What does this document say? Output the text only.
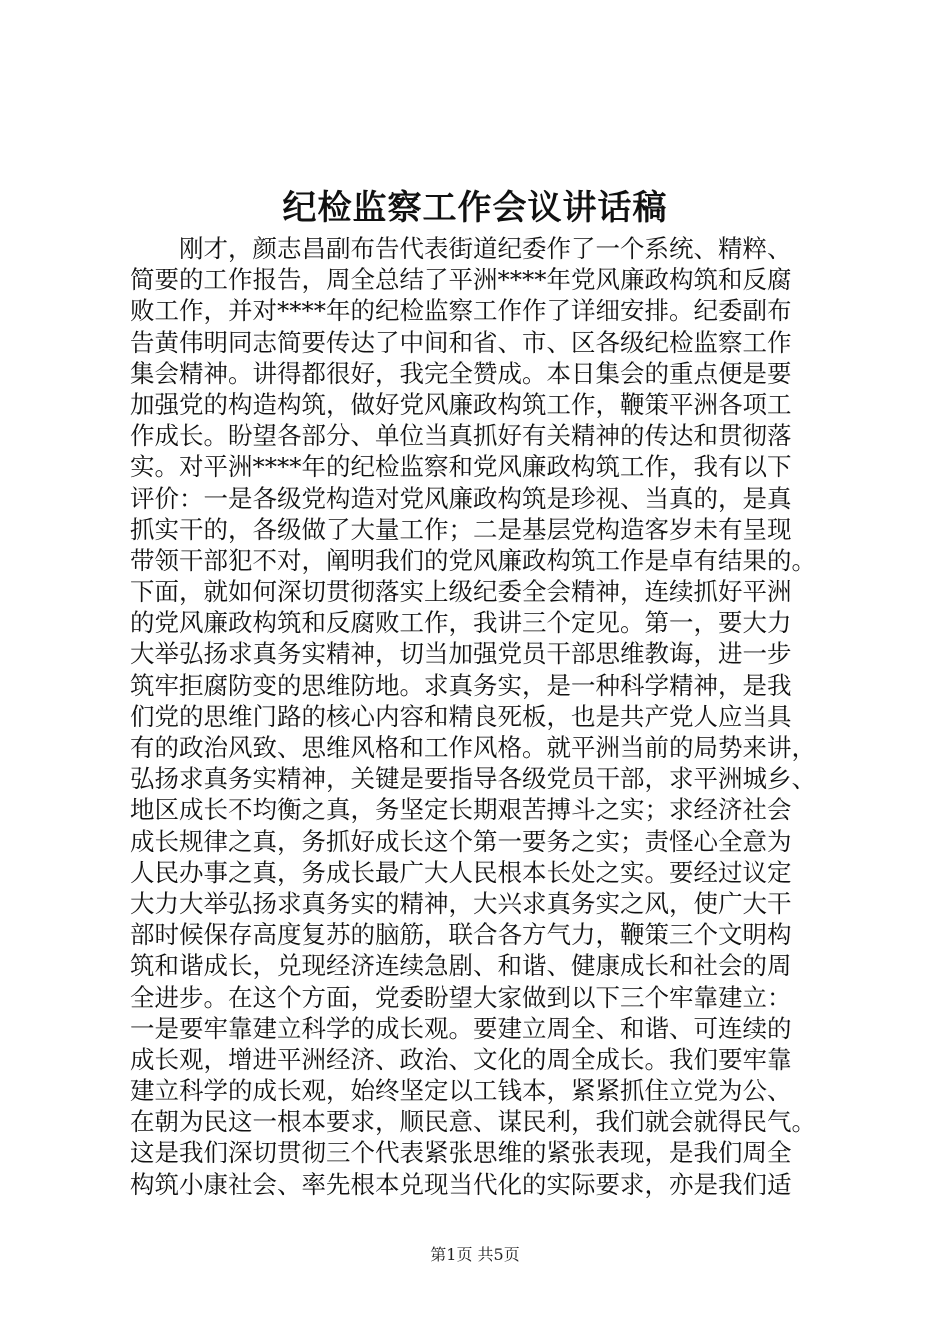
纪检监察工作会议讲话稿
　　刚才，颜志昌副布告代表街道纪委作了一个系统、精粹、
简要的工作报告，周全总结了平洲****年党风廉政构筑和反腐
败工作，并对****年的纪检监察工作作了详细安排。纪委副布
告黄伟明同志简要传达了中间和省、市、区各级纪检监察工作
集会精神。讲得都很好，我完全赞成。本日集会的重点便是要
加强党的构造构筑，做好党风廉政构筑工作，鞭策平洲各项工
作成长。盼望各部分、单位当真抓好有关精神的传达和贯彻落
实。对平洲****年的纪检监察和党风廉政构筑工作，我有以下
评价：一是各级党构造对党风廉政构筑是珍视、当真的，是真
抓实干的，各级做了大量工作；二是基层党构造客岁未有呈现
带领干部犯不对，阐明我们的党风廉政构筑工作是卓有结果的。
下面，就如何深切贯彻落实上级纪委全会精神，连续抓好平洲
的党风廉政构筑和反腐败工作，我讲三个定见。第一，要大力
大举弘扬求真务实精神，切当加强党员干部思维教诲，进一步
筑牢拒腐防变的思维防地。求真务实，是一种科学精神，是我
们党的思维门路的核心内容和精良死板，也是共产党人应当具
有的政治风致、思维风格和工作风格。就平洲当前的局势来讲，
弘扬求真务实精神，关键是要指导各级党员干部，求平洲城乡、
地区成长不均衡之真，务坚定长期艰苦搏斗之实；求经济社会
成长规律之真，务抓好成长这个第一要务之实；责怪心全意为
人民办事之真，务成长最广大人民根本长处之实。要经过议定
大力大举弘扬求真务实的精神，大兴求真务实之风，使广大干
部时候保存高度复苏的脑筋，联合各方气力，鞭策三个文明构
筑和谐成长，兑现经济连续急剧、和谐、健康成长和社会的周
全进步。在这个方面，党委盼望大家做到以下三个牢靠建立：
一是要牢靠建立科学的成长观。要建立周全、和谐、可连续的
成长观，增进平洲经济、政治、文化的周全成长。我们要牢靠
建立科学的成长观，始终坚定以工钱本，紧紧抓住立党为公、
在朝为民这一根本要求，顺民意、谋民利，我们就会就得民气。
这是我们深切贯彻三个代表紧张思维的紧张表现，是我们周全
构筑小康社会、率先根本兑现当代化的实际要求，亦是我们适
第1页 共5页
